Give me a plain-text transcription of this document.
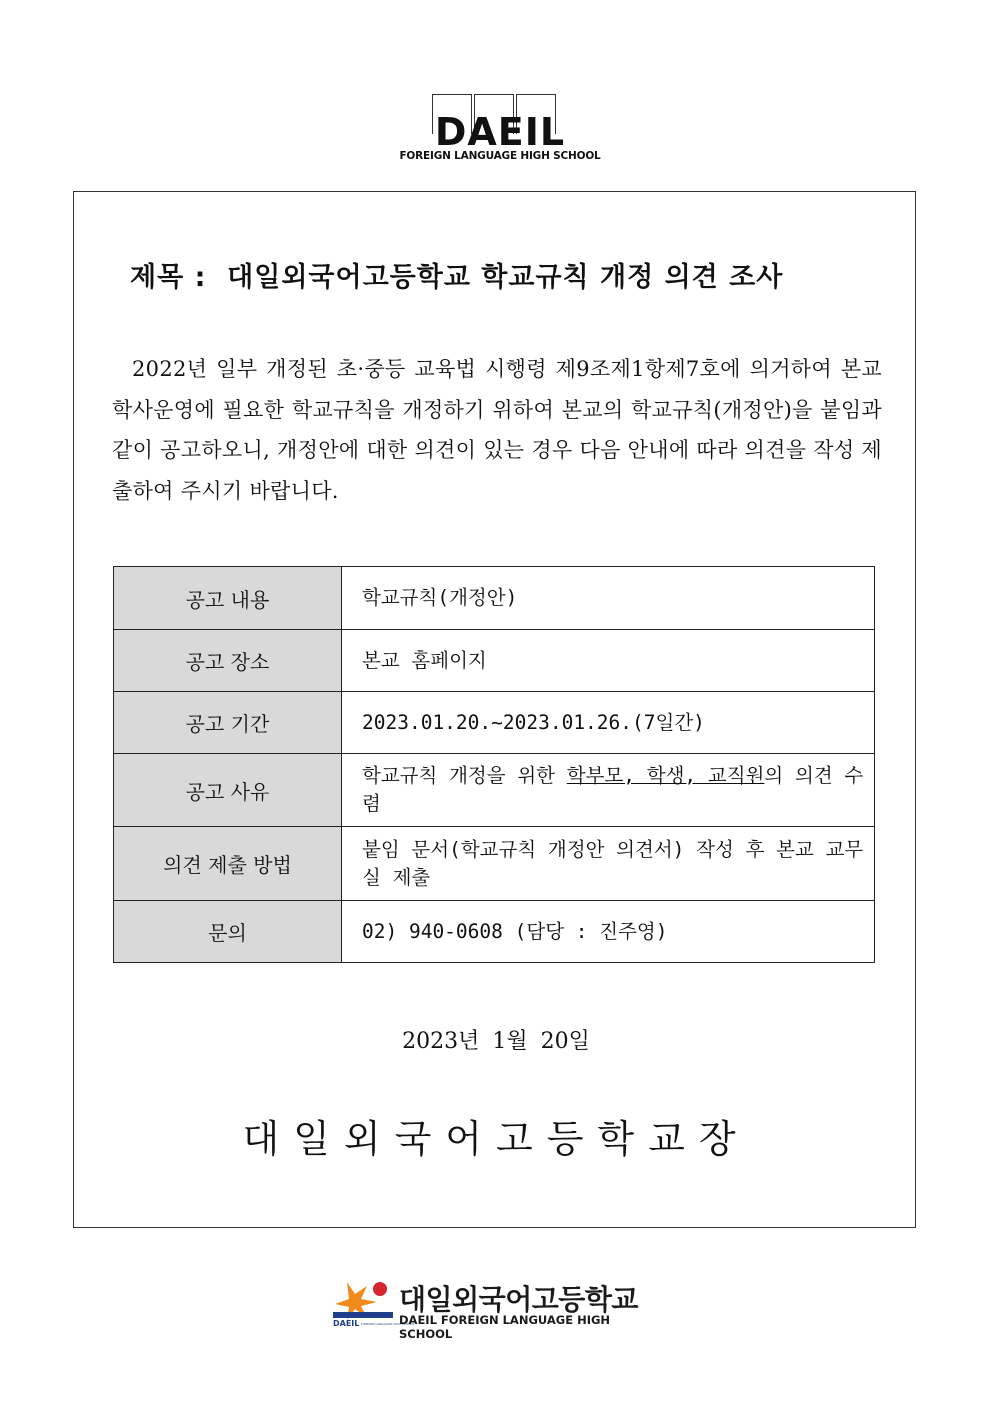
DAEIL
FOREIGN LANGUAGE HIGH SCHOOL
제목 :  대일외국어고등학교 학교규칙 개정 의견 조사
2022년 일부 개정된 초·중등 교육법 시행령 제9조제1항제7호에 의거하여 본교 학사운영에 필요한 학교규칙을 개정하기 위하여 본교의 학교규칙(개정안)을 붙임과 같이 공고하오니, 개정안에 대한 의견이 있는 경우 다음 안내에 따라 의견을 작성 제출하여 주시기 바랍니다.
공고 내용	학교규칙(개정안)
공고 장소	본교 홈페이지
공고 기간	2023.01.20.~2023.01.26.(7일간)
공고 사유	학교규칙 개정을 위한 학부모, 학생, 교직원의 의견 수렴
의견 제출 방법	붙임 문서(학교규칙 개정안 의견서) 작성 후 본교 교무실 제출
문의	02) 940-0608 (담당 : 진주영)
2023년 1월 20일
대일외국어고등학교장
DAEIL FOREIGN LANGUAGE HIGH SCHOOL
대일외국어고등학교
DAEIL FOREIGN LANGUAGE HIGH SCHOOL
